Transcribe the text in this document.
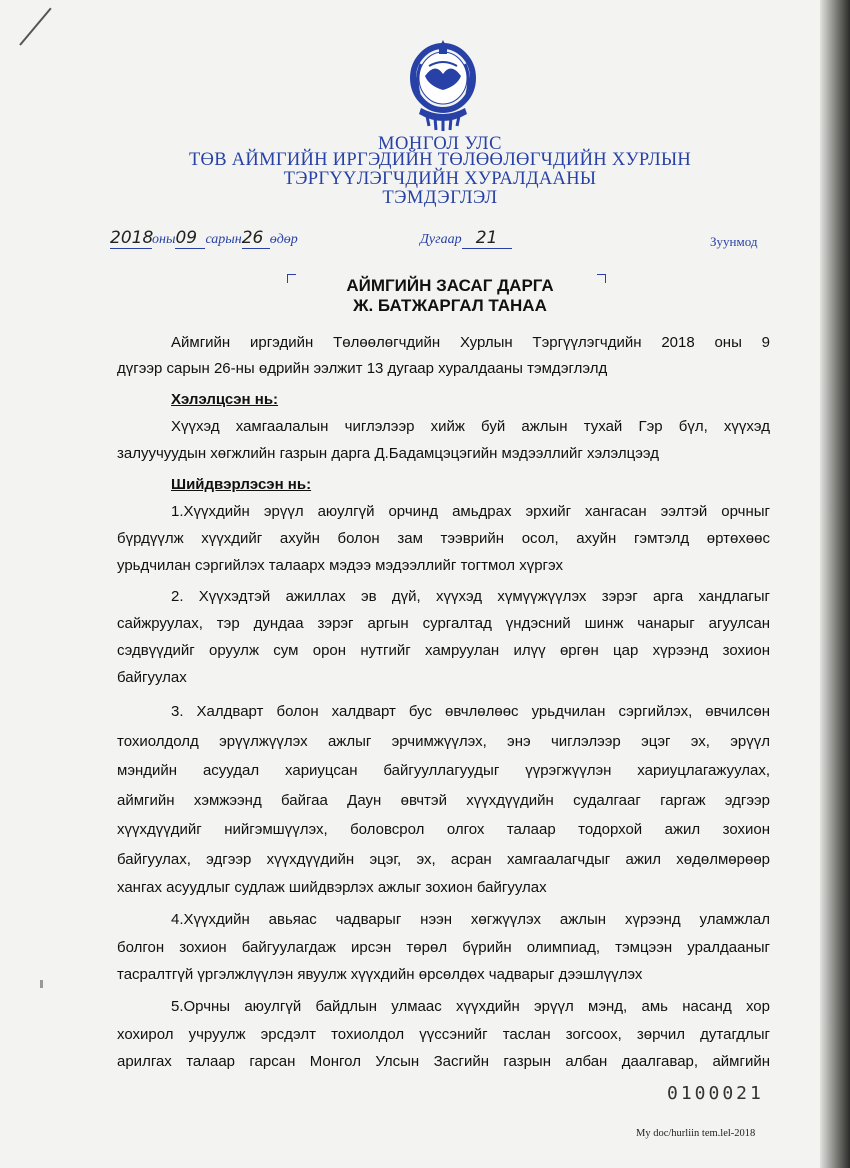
МОНГОЛ УЛС
ТӨВ АЙМГИЙН ИРГЭДИЙН ТӨЛӨӨЛӨГЧДИЙН ХУРЛЫН
ТЭРГҮҮЛЭГЧДИЙН ХУРАЛДААНЫ
ТЭМДЭГЛЭЛ
2018оны09 сарын26 өдөр	Дугаар 21	Зуунмод
АЙМГИЙН ЗАСАГ ДАРГА
Ж. БАТЖАРГАЛ ТАНАА
Аймгийн иргэдийн Төлөөлөгчдийн Хурлын Тэргүүлэгчдийн 2018 оны 9
дүгээр сарын 26-ны өдрийн ээлжит 13 дугаар хуралдааны тэмдэглэлд
Хэлэлцсэн нь:
Хүүхэд хамгаалалын чиглэлээр хийж буй ажлын тухай Гэр бүл, хүүхэд
залуучуудын хөгжлийн газрын дарга Д.Бадамцэцэгийн мэдээллийг хэлэлцээд
Шийдвэрлэсэн нь:
1.Хүүхдийн эрүүл аюулгүй орчинд амьдрах эрхийг хангасан ээлтэй орчныг
бүрдүүлж хүүхдийг ахуйн болон зам тээврийн осол, ахуйн гэмтэлд өртөхөөс
урьдчилан сэргийлэх талаарх мэдээ мэдээллийг тогтмол хүргэх
2. Хүүхэдтэй ажиллах эв дүй, хүүхэд хүмүүжүүлэх зэрэг арга хандлагыг
сайжруулах, тэр дундаа зэрэг аргын сургалтад үндэсний шинж чанарыг агуулсан
сэдвүүдийг оруулж сум орон нутгийг хамруулан илүү өргөн цар хүрээнд зохион
байгуулах
3. Халдварт болон халдварт бус өвчлөлөөс урьдчилан сэргийлэх, өвчилсөн
тохиолдолд эрүүлжүүлэх ажлыг эрчимжүүлэх, энэ чиглэлээр эцэг эх, эрүүл
мэндийн асуудал хариуцсан байгууллагуудыг үүрэгжүүлэн хариуцлагажуулах,
аймгийн хэмжээнд байгаа Даун өвчтэй хүүхдүүдийн судалгааг гаргаж эдгээр
хүүхдүүдийг нийгэмшүүлэх, боловсрол олгох талаар тодорхой ажил зохион
байгуулах, эдгээр хүүхдүүдийн эцэг, эх, асран хамгаалагчдыг ажил хөдөлмөрөөр
хангах асуудлыг судлаж шийдвэрлэх ажлыг зохион байгуулах
4.Хүүхдийн авьяас чадварыг нээн хөгжүүлэх ажлын хүрээнд уламжлал
болгон зохион байгуулагдаж ирсэн төрөл бүрийн олимпиад, тэмцээн уралдааныг
тасралтгүй үргэлжлүүлэн явуулж хүүхдийн өрсөлдөх чадварыг дээшлүүлэх
5.Орчны аюулгүй байдлын улмаас хүүхдийн эрүүл мэнд, амь насанд хор
хохирол учруулж эрсдэлт тохиолдол үүссэнийг таслан зогсоох, зөрчил дутагдлыг
арилгах талаар гарсан Монгол Улсын Засгийн газрын албан даалгавар, аймгийн
0100021
My doc/hurliin tem.lel-2018
